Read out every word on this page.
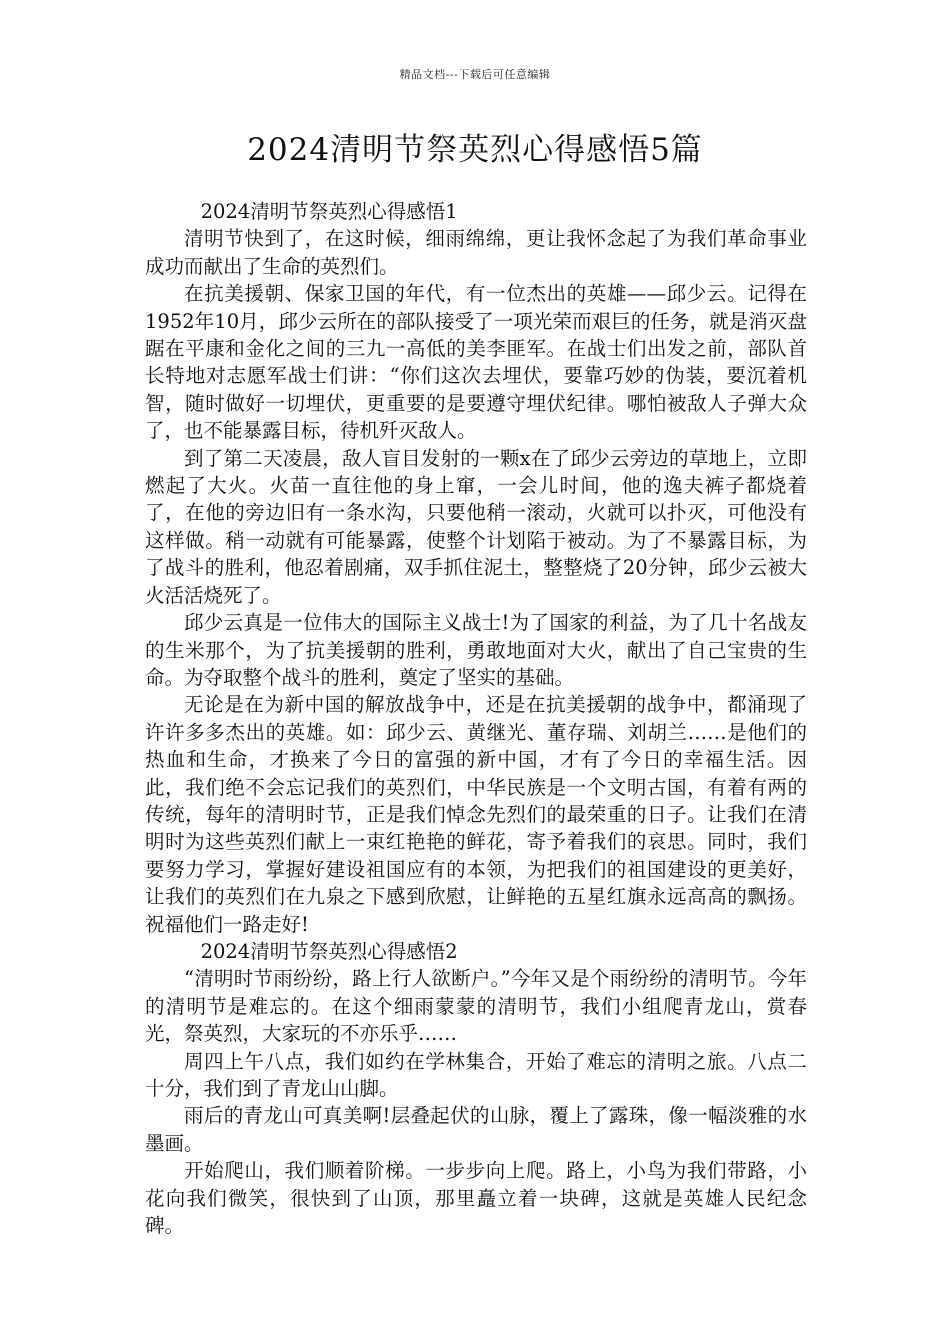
精品文档---下载后可任意编辑
2024清明节祭英烈心得感悟5篇

2024清明节祭英烈心得感悟1

清明节快到了，在这时候，细雨绵绵，更让我怀念起了为我们革命事业成功而献出了生命的英烈们。

在抗美援朝、保家卫国的年代，有一位杰出的英雄——邱少云。记得在1952年10月，邱少云所在的部队接受了一项光荣而艰巨的任务，就是消灭盘踞在平康和金化之间的三九一高低的美李匪军。在战士们出发之前，部队首长特地对志愿军战士们讲：“你们这次去埋伏，要靠巧妙的伪装，要沉着机智，随时做好一切埋伏，更重要的是要遵守埋伏纪律。哪怕被敌人子弹大众了，也不能暴露目标，待机歼灭敌人。

到了第二天凌晨，敌人盲目发射的一颗x在了邱少云旁边的草地上，立即燃起了大火。火苗一直往他的身上窜，一会儿时间，他的逸夫裤子都烧着了，在他的旁边旧有一条水沟，只要他稍一滚动，火就可以扑灭，可他没有这样做。稍一动就有可能暴露，使整个计划陷于被动。为了不暴露目标，为了战斗的胜利，他忍着剧痛，双手抓住泥土，整整烧了20分钟，邱少云被大火活活烧死了。

邱少云真是一位伟大的国际主义战士!为了国家的利益，为了几十名战友的生米那个，为了抗美援朝的胜利，勇敢地面对大火，献出了自己宝贵的生命。为夺取整个战斗的胜利，奠定了坚实的基础。

无论是在为新中国的解放战争中，还是在抗美援朝的战争中，都涌现了许许多多杰出的英雄。如：邱少云、黄继光、董存瑞、刘胡兰……是他们的热血和生命，才换来了今日的富强的新中国，才有了今日的幸福生活。因此，我们绝不会忘记我们的英烈们，中华民族是一个文明古国，有着有两的传统，每年的清明时节，正是我们悼念先烈们的最荣重的日子。让我们在清明时为这些英烈们献上一束红艳艳的鲜花，寄予着我们的哀思。同时，我们要努力学习，掌握好建设祖国应有的本领，为把我们的祖国建设的更美好，让我们的英烈们在九泉之下感到欣慰，让鲜艳的五星红旗永远高高的飘扬。祝福他们一路走好!

2024清明节祭英烈心得感悟2

“清明时节雨纷纷，路上行人欲断户。”今年又是个雨纷纷的清明节。今年的清明节是难忘的。在这个细雨蒙蒙的清明节，我们小组爬青龙山，赏春光，祭英烈，大家玩的不亦乐乎……

周四上午八点，我们如约在学林集合，开始了难忘的清明之旅。八点二十分，我们到了青龙山山脚。

雨后的青龙山可真美啊!层叠起伏的山脉，覆上了露珠，像一幅淡雅的水墨画。

开始爬山，我们顺着阶梯。一步步向上爬。路上，小鸟为我们带路，小花向我们微笑，很快到了山顶，那里矗立着一块碑，这就是英雄人民纪念碑。
